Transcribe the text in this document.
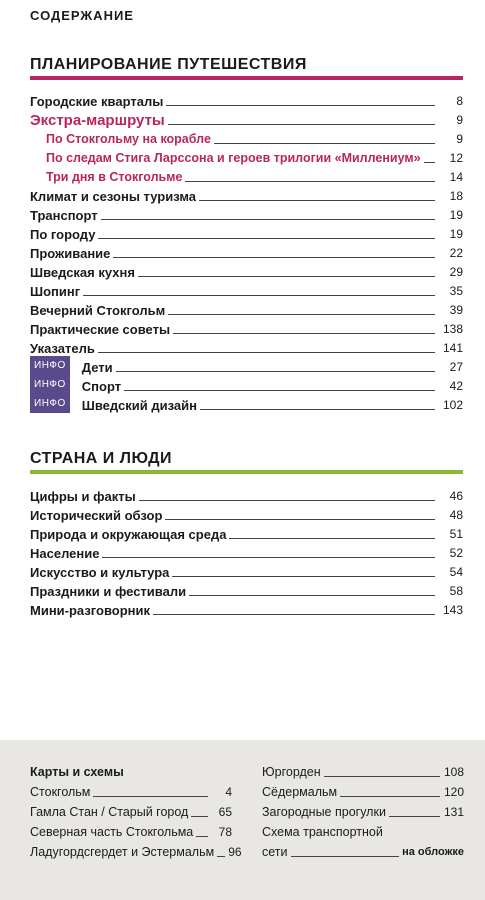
СОДЕРЖАНИЕ
ПЛАНИРОВАНИЕ ПУТЕШЕСТВИЯ
Городские кварталы	8
Экстра-маршруты	9
По Стокгольму на корабле	9
По следам Стига Ларссона и героев трилогии «Миллениум»	12
Три дня в Стокгольме	14
Климат и сезоны туризма	18
Транспорт	19
По городу	19
Проживание	22
Шведская кухня	29
Шопинг	35
Вечерний Стокгольм	39
Практические советы	138
Указатель	141
ИНФО	Дети	27
ИНФО	Спорт	42
ИНФО	Шведский дизайн	102
СТРАНА И ЛЮДИ
Цифры и факты	46
Исторический обзор	48
Природа и окружающая среда	51
Население	52
Искусство и культура	54
Праздники и фестивали	58
Мини-разговорник	143
Карты и схемы
Стокгольм	4
Гамла Стан / Старый город	65
Северная часть Стокгольма	78
Ладугордсгердет и Эстермальм 96
Юргорден	108
Сёдермальм	120
Загородные прогулки	131
Схема транспортной
сети	на обложке
